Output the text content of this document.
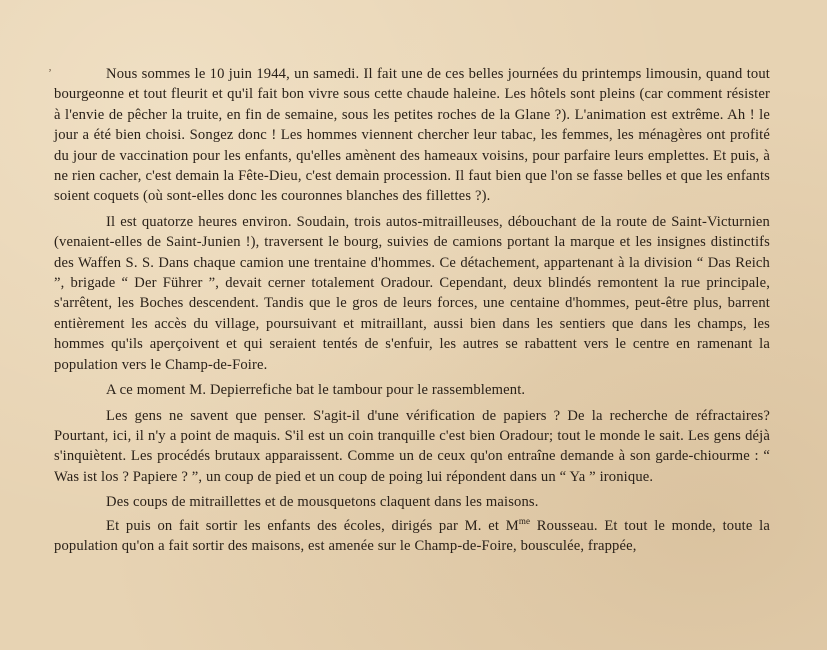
ʼ	Nous sommes le 10 juin 1944, un samedi. Il fait une de ces belles journées du printemps limousin, quand tout bourgeonne et tout fleurit et qu'il fait bon vivre sous cette chaude haleine. Les hôtels sont pleins (car comment résister à l'envie de pêcher la truite, en fin de semaine, sous les petites roches de la Glane ?). L'animation est extrême. Ah ! le jour a été bien choisi. Songez donc ! Les hommes viennent chercher leur tabac, les femmes, les ménagères ont profité du jour de vaccination pour les enfants, qu'elles amènent des hameaux voisins, pour parfaire leurs emplettes. Et puis, à ne rien cacher, c'est demain la Fête-Dieu, c'est demain procession. Il faut bien que l'on se fasse belles et que les enfants soient coquets (où sont-elles donc les couronnes blanches des fillettes ?).

Il est quatorze heures environ. Soudain, trois autos-mitrailleuses, débouchant de la route de Saint-Victurnien (venaient-elles de Saint-Junien !), traversent le bourg, suivies de camions portant la marque et les insignes distinctifs des Waffen S. S. Dans chaque camion une trentaine d'hommes. Ce détachement, appartenant à la division “ Das Reich ”, brigade “ Der Führer ”, devait cerner totalement Oradour. Cependant, deux blindés remontent la rue principale, s'arrêtent, les Boches descendent. Tandis que le gros de leurs forces, une centaine d'hommes, peut-être plus, barrent entièrement les accès du village, poursuivant et mitraillant, aussi bien dans les sentiers que dans les champs, les hommes qu'ils aperçoivent et qui seraient tentés de s'enfuir, les autres se rabattent vers le centre en ramenant la population vers le Champ-de-Foire.

A ce moment M. Depierrefiche bat le tambour pour le rassemblement.

Les gens ne savent que penser. S'agit-il d'une vérification de papiers ? De la recherche de réfractaires? Pourtant, ici, il n'y a point de maquis. S'il est un coin tranquille c'est bien Oradour; tout le monde le sait. Les gens déjà s'inquiètent. Les procédés brutaux apparaissent. Comme un de ceux qu'on entraîne demande à son garde-chiourme : “ Was ist los ? Papiere ? ”, un coup de pied et un coup de poing lui répondent dans un “ Ya ” ironique.

Des coups de mitraillettes et de mousquetons claquent dans les maisons.

Et puis on fait sortir les enfants des écoles, dirigés par M. et $M^{me}$ Rousseau. Et tout le monde, toute la population qu'on a fait sortir des maisons, est amenée sur le Champ-de-Foire, bousculée, frappée,
